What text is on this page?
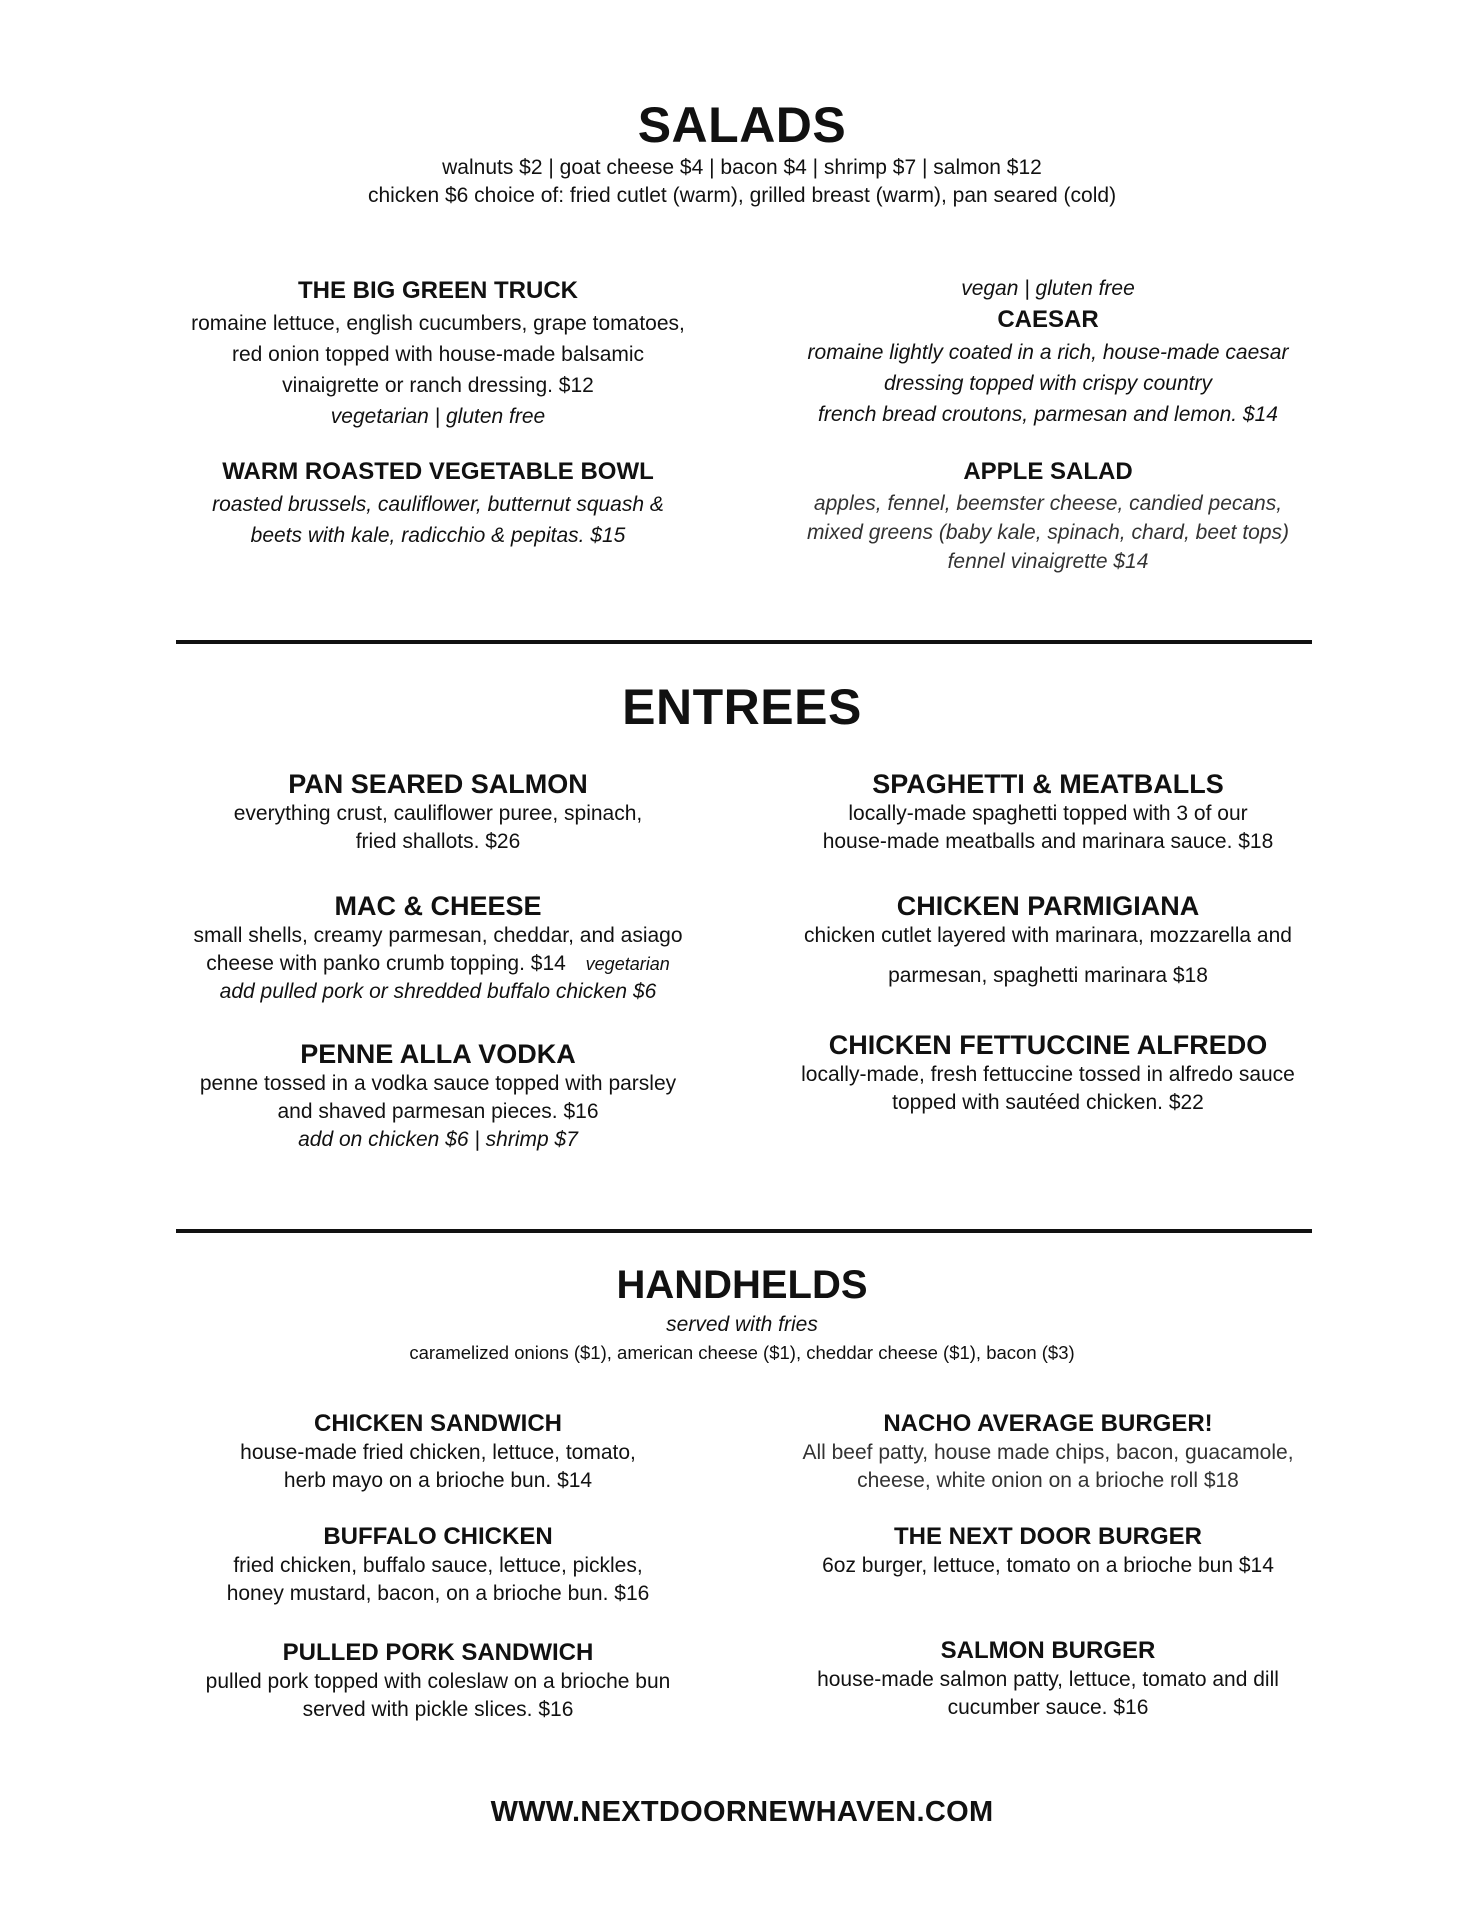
SALADS
walnuts $2 | goat cheese $4 | bacon $4 | shrimp $7 | salmon $12
chicken $6 choice of: fried cutlet (warm), grilled breast (warm), pan seared (cold)
THE BIG GREEN TRUCK
romaine lettuce, english cucumbers, grape tomatoes,
red onion topped with house-made balsamic
vinaigrette or ranch dressing. $12
vegetarian | gluten free
WARM ROASTED VEGETABLE BOWL
roasted brussels, cauliflower, butternut squash &
beets with kale, radicchio & pepitas. $15
vegan | gluten free
CAESAR
romaine lightly coated in a rich, house-made caesar
dressing topped with crispy country
french bread croutons, parmesan and lemon. $14
APPLE SALAD
apples, fennel, beemster cheese, candied pecans,
mixed greens (baby kale, spinach, chard, beet tops)
fennel vinaigrette $14
ENTREES
PAN SEARED SALMON
everything crust, cauliflower puree, spinach,
fried shallots. $26
MAC & CHEESE
small shells, creamy parmesan, cheddar, and asiago
cheese with panko crumb topping. $14 vegetarian
add pulled pork or shredded buffalo chicken $6
PENNE ALLA VODKA
penne tossed in a vodka sauce topped with parsley
and shaved parmesan pieces. $16
add on chicken $6 | shrimp $7
SPAGHETTI & MEATBALLS
locally-made spaghetti topped with 3 of our
house-made meatballs and marinara sauce. $18
CHICKEN PARMIGIANA
chicken cutlet layered with marinara, mozzarella and
parmesan, spaghetti marinara $18
CHICKEN FETTUCCINE ALFREDO
locally-made, fresh fettuccine tossed in alfredo sauce
topped with sautéed chicken. $22
HANDHELDS
served with fries
caramelized onions ($1), american cheese ($1), cheddar cheese ($1), bacon ($3)
CHICKEN SANDWICH
house-made fried chicken, lettuce, tomato,
herb mayo on a brioche bun. $14
BUFFALO CHICKEN
fried chicken, buffalo sauce, lettuce, pickles,
honey mustard, bacon, on a brioche bun. $16
PULLED PORK SANDWICH
pulled pork topped with coleslaw on a brioche bun
served with pickle slices. $16
NACHO AVERAGE BURGER!
All beef patty, house made chips, bacon, guacamole,
cheese, white onion on a brioche roll $18
THE NEXT DOOR BURGER
6oz burger, lettuce, tomato on a brioche bun $14
SALMON BURGER
house-made salmon patty, lettuce, tomato and dill
cucumber sauce. $16
WWW.NEXTDOORNEWHAVEN.COM
